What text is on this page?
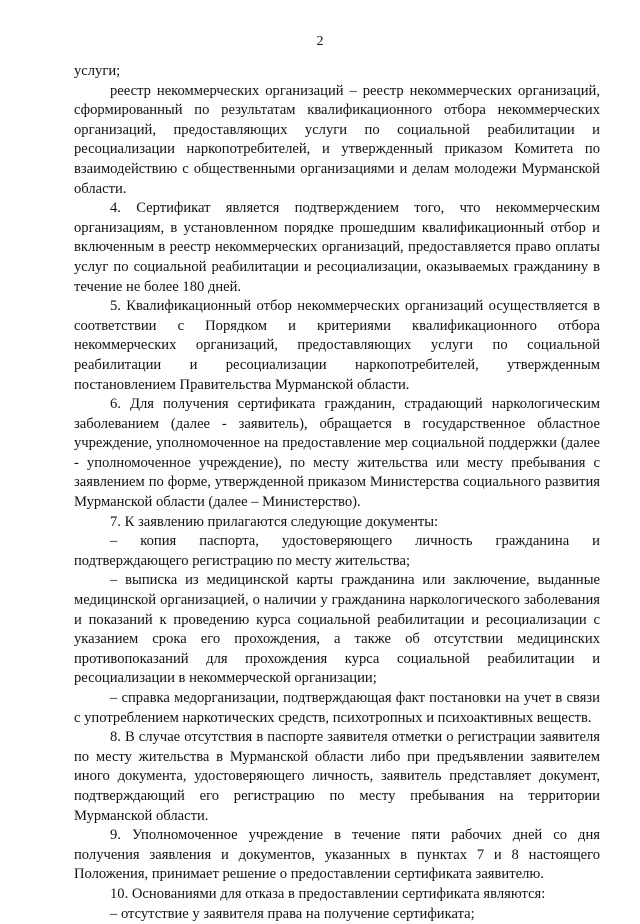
2

услуги;

реестр некоммерческих организаций – реестр некоммерческих организаций, сформированный по результатам квалификационного отбора некоммерческих организаций, предоставляющих услуги по социальной реабилитации и ресоциализации наркопотребителей, и утвержденный приказом Комитета по взаимодействию с общественными организациями и делам молодежи Мурманской области.

4. Сертификат является подтверждением того, что некоммерческим организациям, в установленном порядке прошедшим квалификационный отбор и включенным в реестр некоммерческих организаций, предоставляется право оплаты услуг по социальной реабилитации и ресоциализации, оказываемых гражданину в течение не более 180 дней.

5. Квалификационный отбор некоммерческих организаций осуществляется в соответствии с Порядком и критериями квалификационного отбора некоммерческих организаций, предоставляющих услуги по социальной реабилитации и ресоциализации наркопотребителей, утвержденным постановлением Правительства Мурманской области.

6. Для получения сертификата гражданин, страдающий наркологическим заболеванием (далее - заявитель), обращается в государственное областное учреждение, уполномоченное на предоставление мер социальной поддержки (далее - уполномоченное учреждение), по месту жительства или месту пребывания с заявлением по форме, утвержденной приказом Министерства социального развития Мурманской области (далее – Министерство).

7. К заявлению прилагаются следующие документы:

– копия паспорта, удостоверяющего личность гражданина и подтверждающего регистрацию по месту жительства;

– выписка из медицинской карты гражданина или заключение, выданные медицинской организацией, о наличии у гражданина наркологического заболевания и показаний к проведению курса социальной реабилитации и ресоциализации с указанием срока его прохождения, а также об отсутствии медицинских противопоказаний для прохождения курса социальной реабилитации и ресоциализации в некоммерческой организации;

– справка медорганизации, подтверждающая факт постановки на учет в связи с употреблением наркотических средств, психотропных и психоактивных веществ.

8. В случае отсутствия в паспорте заявителя отметки о регистрации заявителя по месту жительства в Мурманской области либо при предъявлении заявителем иного документа, удостоверяющего личность, заявитель представляет документ, подтверждающий его регистрацию по месту пребывания на территории Мурманской области.

9. Уполномоченное учреждение в течение пяти рабочих дней со дня получения заявления и документов, указанных в пунктах 7 и 8 настоящего Положения, принимает решение о предоставлении сертификата заявителю.

10. Основаниями для отказа в предоставлении сертификата являются:

– отсутствие у заявителя права на получение сертификата;
